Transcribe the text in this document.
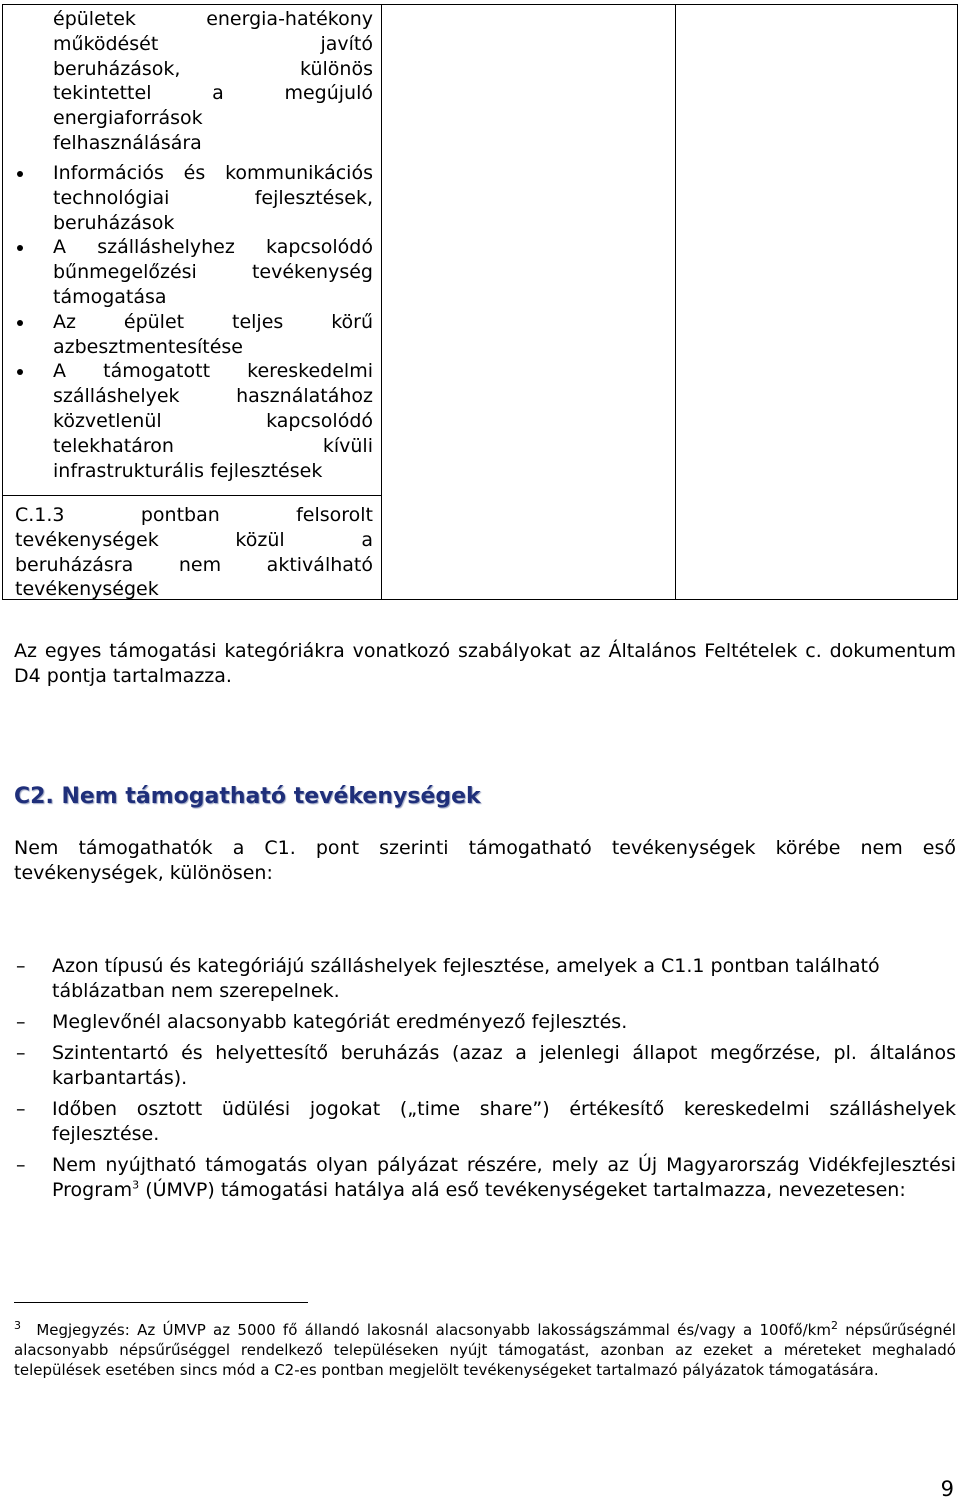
épületek energia-hatékony
működését javító
beruházások, különös
tekintettel a megújuló
energiaforrások
felhasználására
Információs és kommunikációs
technológiai fejlesztések,
beruházások
A szálláshelyhez kapcsolódó
bűnmegelőzési tevékenység
támogatása
Az épület teljes körű
azbesztmentesítése
A támogatott kereskedelmi
szálláshelyek használatához
közvetlenül kapcsolódó
telekhatáron kívüli
infrastrukturális fejlesztések
C.1.3 pontban felsorolt
tevékenységek közül a
beruházásra nem aktiválható
tevékenységek

Az egyes támogatási kategóriákra vonatkozó szabályokat az Általános Feltételek c. dokumentum D4 pontja tartalmazza.

C2. Nem támogatható tevékenységek

Nem támogathatók a C1. pont szerinti támogatható tevékenységek körébe nem eső tevékenységek, különösen:

– Azon típusú és kategóriájú szálláshelyek fejlesztése, amelyek a C1.1 pontban található táblázatban nem szerepelnek.
– Meglevőnél alacsonyabb kategóriát eredményező fejlesztés.
– Szintentartó és helyettesítő beruházás (azaz a jelenlegi állapot megőrzése, pl. általános karbantartás).
– Időben osztott üdülési jogokat („time share”) értékesítő kereskedelmi szálláshelyek fejlesztése.
– Nem nyújtható támogatás olyan pályázat részére, mely az Új Magyarország Vidékfejlesztési Program$^3$ (ÚMVP) támogatási hatálya alá eső tevékenységeket tartalmazza, nevezetesen:
$^3$ Megjegyzés: Az ÚMVP az 5000 fő állandó lakosnál alacsonyabb lakosságszámmal és/vagy a $100fő/km^2$ népsűrűségnél alacsonyabb népsűrűséggel rendelkező településeken nyújt támogatást, azonban az ezeket a méreteket meghaladó települések esetében sincs mód a C2-es pontban megjelölt tevékenységeket tartalmazó pályázatok támogatására.
9
